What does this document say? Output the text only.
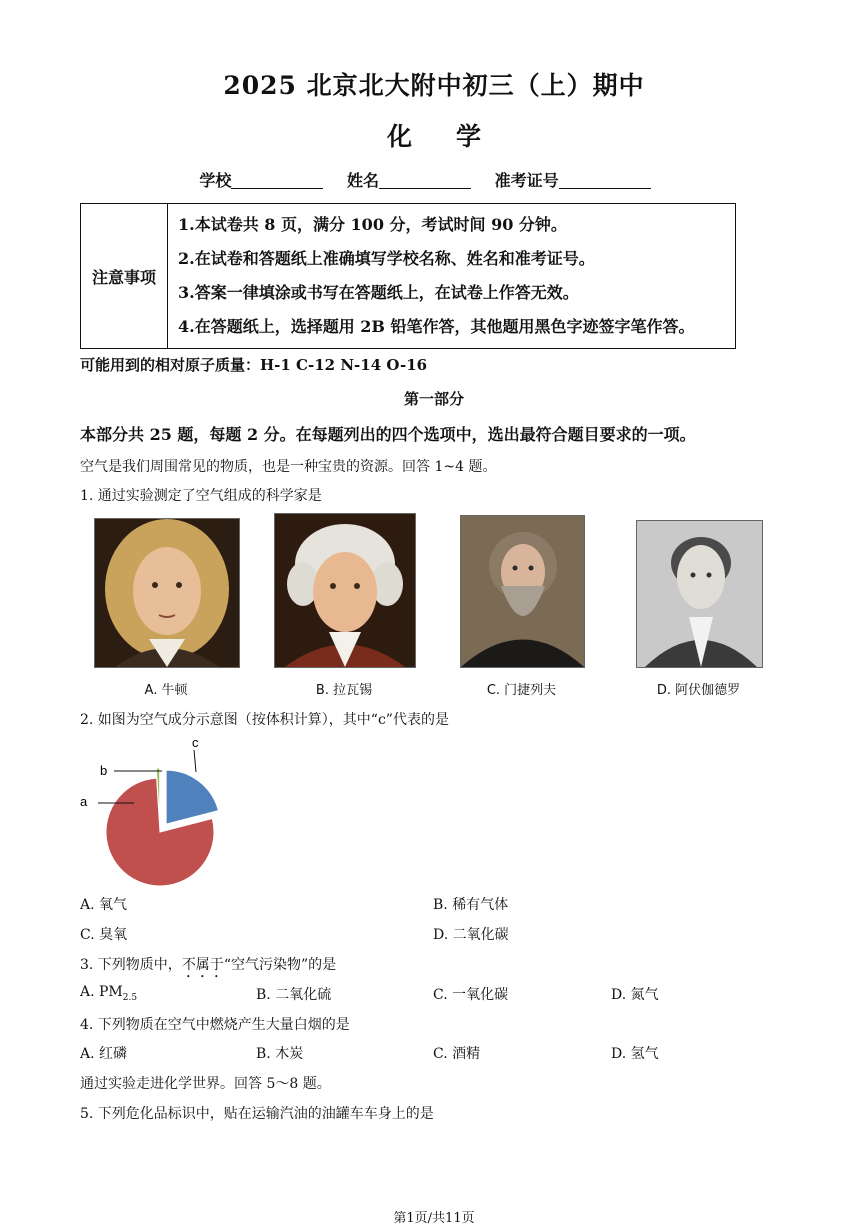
2025 北京北大附中初三（上）期中
化学
学校	姓名	准考证号
注意事项	
1.本试卷共 8 页，满分 100 分，考试时间 90 分钟。
2.在试卷和答题纸上准确填写学校名称、姓名和准考证号。
3.答案一律填涂或书写在答题纸上，在试卷上作答无效。
4.在答题纸上，选择题用 2B 铅笔作答，其他题用黑色字迹签字笔作答。
可能用到的相对原子质量：H-1 C-12 N-14 O-16
第一部分
本部分共 25 题，每题 2 分。在每题列出的四个选项中，选出最符合题目要求的一项。
空气是我们周围常见的物质，也是一种宝贵的资源。回答 1~4 题。
1. 通过实验测定了空气组成的科学家是
A. 牛顿	B. 拉瓦锡	C. 门捷列夫	D. 阿伏伽德罗
2. 如图为空气成分示意图（按体积计算），其中“c”代表的是
a
b
c
A. 氧气	B. 稀有气体
C. 臭氧	D. 二氧化碳
3. 下列物质中，不属于“空气污染物”的是
A. $PM_{2.5}$	B. 二氧化硫	C. 一氧化碳	D. 氮气
4. 下列物质在空气中燃烧产生大量白烟的是
A. 红磷	B. 木炭	C. 酒精	D. 氢气
通过实验走进化学世界。回答 5～8 题。
5. 下列危化品标识中，贴在运输汽油的油罐车车身上的是
第1页/共11页
